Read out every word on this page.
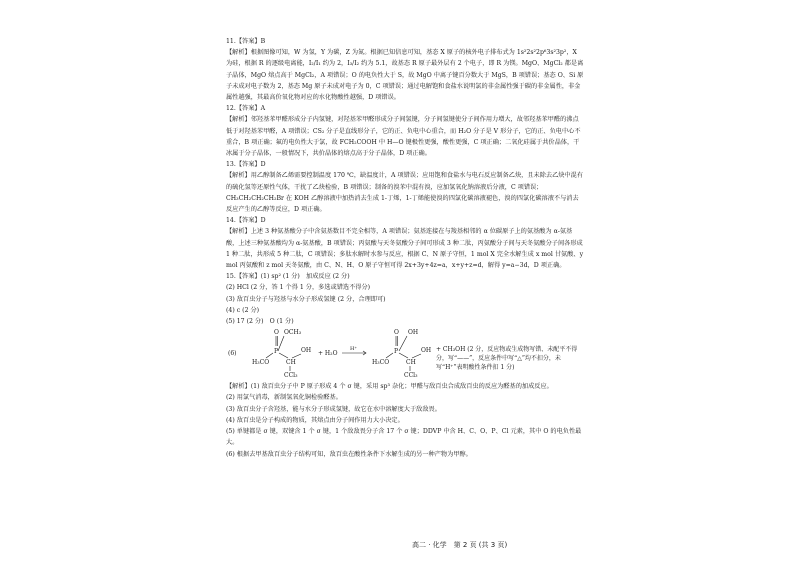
11.【答案】B
【解析】根据图像可知，W 为氢，Y 为碳，Z 为氮。根据已知信息可知，基态 X 原子的核外电子排布式为 1s²2s²2p⁶3s²3p²，X 为硅，根据 R 的逐级电离能，I₂/I₁ 约为 2，I₃/I₂ 约为 5.1，故基态 R 原子最外层有 2 个电子，即 R 为镁。MgO、MgCl₂ 都是离子晶体，MgO 熔点高于 MgCl₂，A 项错误；O 的电负性大于 S，故 MgO 中离子键百分数大于 MgS，B 项错误；基态 O、Si 原子未成对电子数为 2，基态 Mg 原子未成对电子为 0，C 项错误；通过电解饱和食盐水说明氯的非金属性强于碳的非金属性，非金属性越强，其最高价氧化物对应的水化物酸性越强，D 项错误。
12.【答案】A
【解析】邻羟基苯甲醛形成分子内氢键，对羟基苯甲醛形成分子间氢键，分子间氢键使分子间作用力增大，故邻羟基苯甲醛的沸点低于对羟基苯甲醛，A 项错误；CS₂ 分子是直线形分子，它的正、负电中心重合，而 H₂O 分子是 V 形分子，它的正、负电中心不重合，B 项正确；氟的电负性大于氯，故 FCH₂COOH 中 H—O 键极性更强，酸性更强，C 项正确；二氧化硅属于共价晶体，干冰属于分子晶体，一般情况下，共价晶体的熔点高于分子晶体，D 项正确。
13.【答案】D
【解析】用乙醇制备乙烯需要控制温度 170 ℃，缺温度计，A 项错误；应用饱和食盐水与电石反应制备乙炔，且未除去乙炔中混有的硫化氢等还原性气体，干扰了乙炔检验，B 项错误；制备的溴苯中混有溴，应加氢氧化钠溶液后分液，C 项错误；CH₃CH₂CH₂CH₂Br 在 KOH 乙醇溶液中加热消去生成 1-丁烯，1-丁烯能使溴的四氯化碳溶液褪色，溴的四氯化碳溶液不与消去反应产生的乙醇等反应，D 项正确。
14.【答案】D
【解析】上述 3 种氨基酸分子中含氨基数目不完全相等，A 项错误；氨基连接在与羧基相邻的 α 位碳原子上的氨基酸为 α-氨基酸，上述三种氨基酸均为 α-氨基酸，B 项错误；丙氨酸与天冬氨酸分子间可形成 3 种二肽，丙氨酸分子间与天冬氨酸分子间各形成 1 种二肽，共形成 5 种二肽，C 项错误；多肽水解时水参与反应，根据 C、N 原子守恒，1 mol X 完全水解生成 x mol 甘氨酸、y mol 丙氨酸和 z mol 天冬氨酸，由 C、N、H、O 原子守恒可得 2x+3y+4z=a，x+y+z=d，解得 y=a−3d，D 项正确。
15.【答案】(1) sp² (1 分)　加成反应 (2 分)
(2) HCl (2 分，答 1 个得 1 分，多选或错选不得分)
(3) 敌百虫分子与羟基与水分子形成氢键 (2 分，合理即可)
(4) c (2 分)
(5) 17 (2 分)　O (1 分)
(6)
O OCH₃
P
H₃CO	CH
OH
CCl₃
+ H₂O
H⁺
O OH
P
H₃CO	CH
OH
CCl₃
+ CH₃OH (2 分，反应物或生成物写错、未配平不得分，写“——”，反应条件中写“△”均不扣分，未写“H⁺”表明酸性条件扣 1 分)
【解析】(1) 敌百虫分子中 P 原子形成 4 个 σ 键，采用 sp³ 杂化；甲醛与敌百虫合成敌百虫的反应为醛基的加成反应。
(2) 用氯气消毒，新制氢氧化铜检验醛基。
(3) 敌百虫分子含羟基，能与水分子形成氢键，故它在水中溶解度大于敌敌畏。
(4) 敌百虫是分子构成的物质，其熔点由分子间作用力大小决定。
(5) 单键都是 σ 键，双键含 1 个 σ 键，1 个敌敌畏分子含 17 个 σ 键；DDVP 中含 H、C、O、P、Cl 元素，其中 O 的电负性最大。
(6) 根据去甲基敌百虫分子结构可知，敌百虫在酸性条件下水解生成的另一种产物为甲醇。
高二 · 化学　第 2 页 (共 3 页)
